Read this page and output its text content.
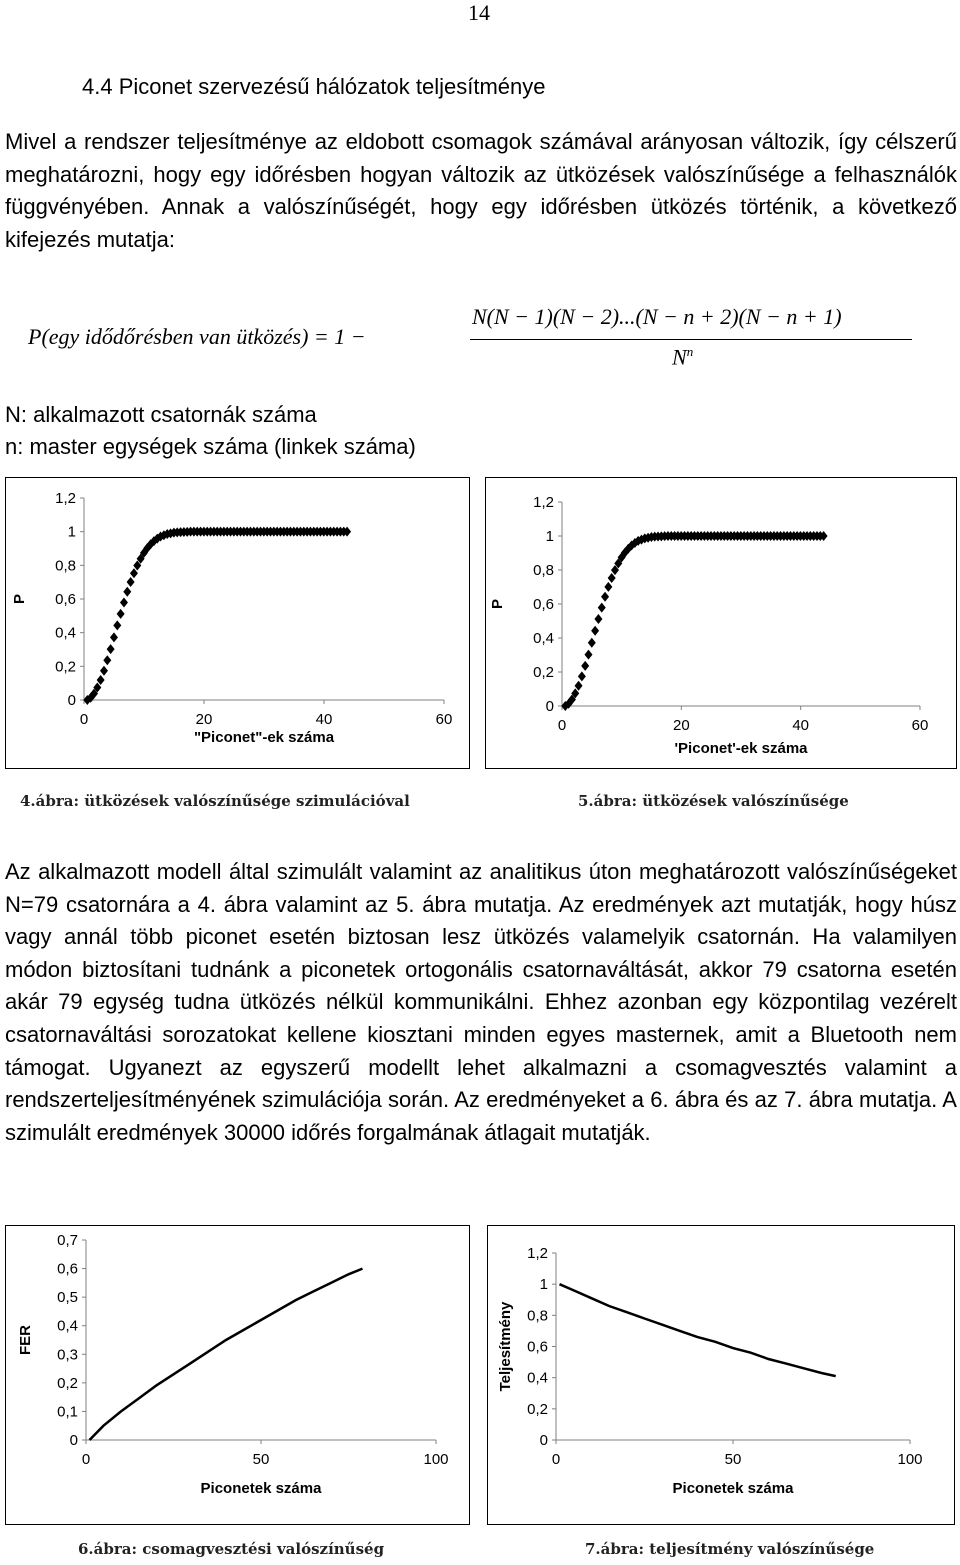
14
4.4 Piconet szervezésű hálózatok teljesítménye

Mivel a rendszer teljesítménye az eldobott csomagok számával arányosan változik, így célszerű meghatározni, hogy egy időrésben hogyan változik az ütközések valószínűsége a felhasználók függvényében. Annak a valószínűségét, hogy egy időrésben ütközés történik, a következő kifejezés mutatja:

P(egy idődőrésben van ütközés) = 1 −
N(N − 1)(N − 2)...(N − n + 2)(N − n + 1)
$N^n$

N: alkalmazott csatornák száma

n: master egységek száma (linkek száma)

0
0,2
0,4
0,6
0,8
1
1,2
0	20	40	60
"Piconet"-ek száma
P
4.ábra: ütközések valószínűsége szimulációval
0
0,2
0,4
0,6
0,8
1
1,2
0	20	40	60
'Piconet'-ek száma
P
5.ábra: ütközések valószínűsége

Az alkalmazott modell által szimulált valamint az analitikus úton meghatározott valószínűségeket N=79 csatornára a 4. ábra valamint az 5. ábra mutatja. Az eredmények azt mutatják, hogy húsz vagy annál több piconet esetén biztosan lesz ütközés valamelyik csatornán. Ha valamilyen módon biztosítani tudnánk a piconetek ortogonális csatornaváltását, akkor 79 csatorna esetén akár 79 egység tudna ütközés nélkül kommunikálni. Ehhez azonban egy központilag vezérelt csatornaváltási sorozatokat kellene kiosztani minden egyes masternek, amit a Bluetooth nem támogat. Ugyanezt az egyszerű modellt lehet alkalmazni a csomagvesztés valamint a rendszerteljesítményének szimulációja során. Az eredményeket a 6. ábra és az 7. ábra mutatja. A szimulált eredmények 30000 időrés forgalmának átlagait mutatják.

0
0,1
0,2
0,3
0,4
0,5
0,6
0,7
0	50	100
Piconetek száma
FER
6.ábra: csomagvesztési valószínűség
0
0,2
0,4
0,6
0,8
1
1,2
0	50	100
Piconetek száma
Teljesítmény
7.ábra: teljesítmény valószínűsége
